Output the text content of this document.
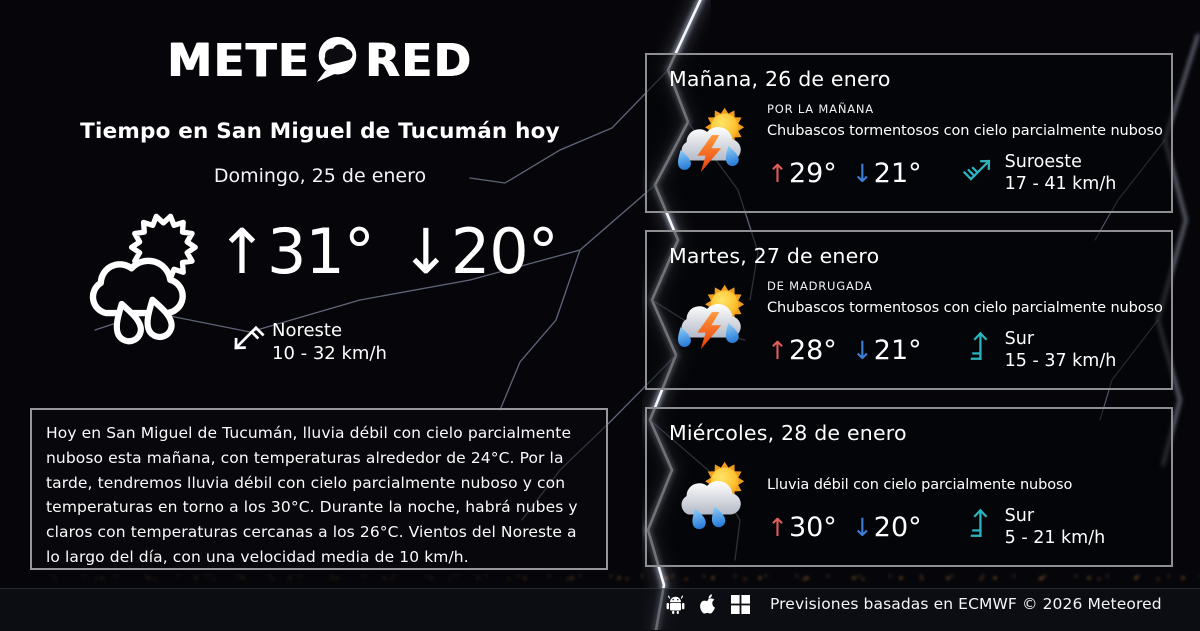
METE RED
Tiempo en San Miguel de Tucumán hoy
Domingo, 25 de enero
↑31° ↓20°
Noreste
10 - 32 km/h
Hoy en San Miguel de Tucumán, lluvia débil con cielo parcialmente nuboso esta mañana, con temperaturas alrededor de 24°C. Por la tarde, tendremos lluvia débil con cielo parcialmente nuboso y con temperaturas en torno a los 30°C. Durante la noche, habrá nubes y claros con temperaturas cercanas a los 26°C. Vientos del Noreste a lo largo del día, con una velocidad media de 10 km/h.
Mañana, 26 de enero
POR LA MAÑANA
Chubascos tormentosos con cielo parcialmente nuboso
↑29° ↓21°	Suroeste
17 - 41 km/h
Martes, 27 de enero
DE MADRUGADA
Chubascos tormentosos con cielo parcialmente nuboso
↑28° ↓21°	Sur
15 - 37 km/h
Miércoles, 28 de enero
Lluvia débil con cielo parcialmente nuboso
↑30° ↓20°	Sur
5 - 21 km/h
Previsiones basadas en ECMWF © 2026 Meteored
